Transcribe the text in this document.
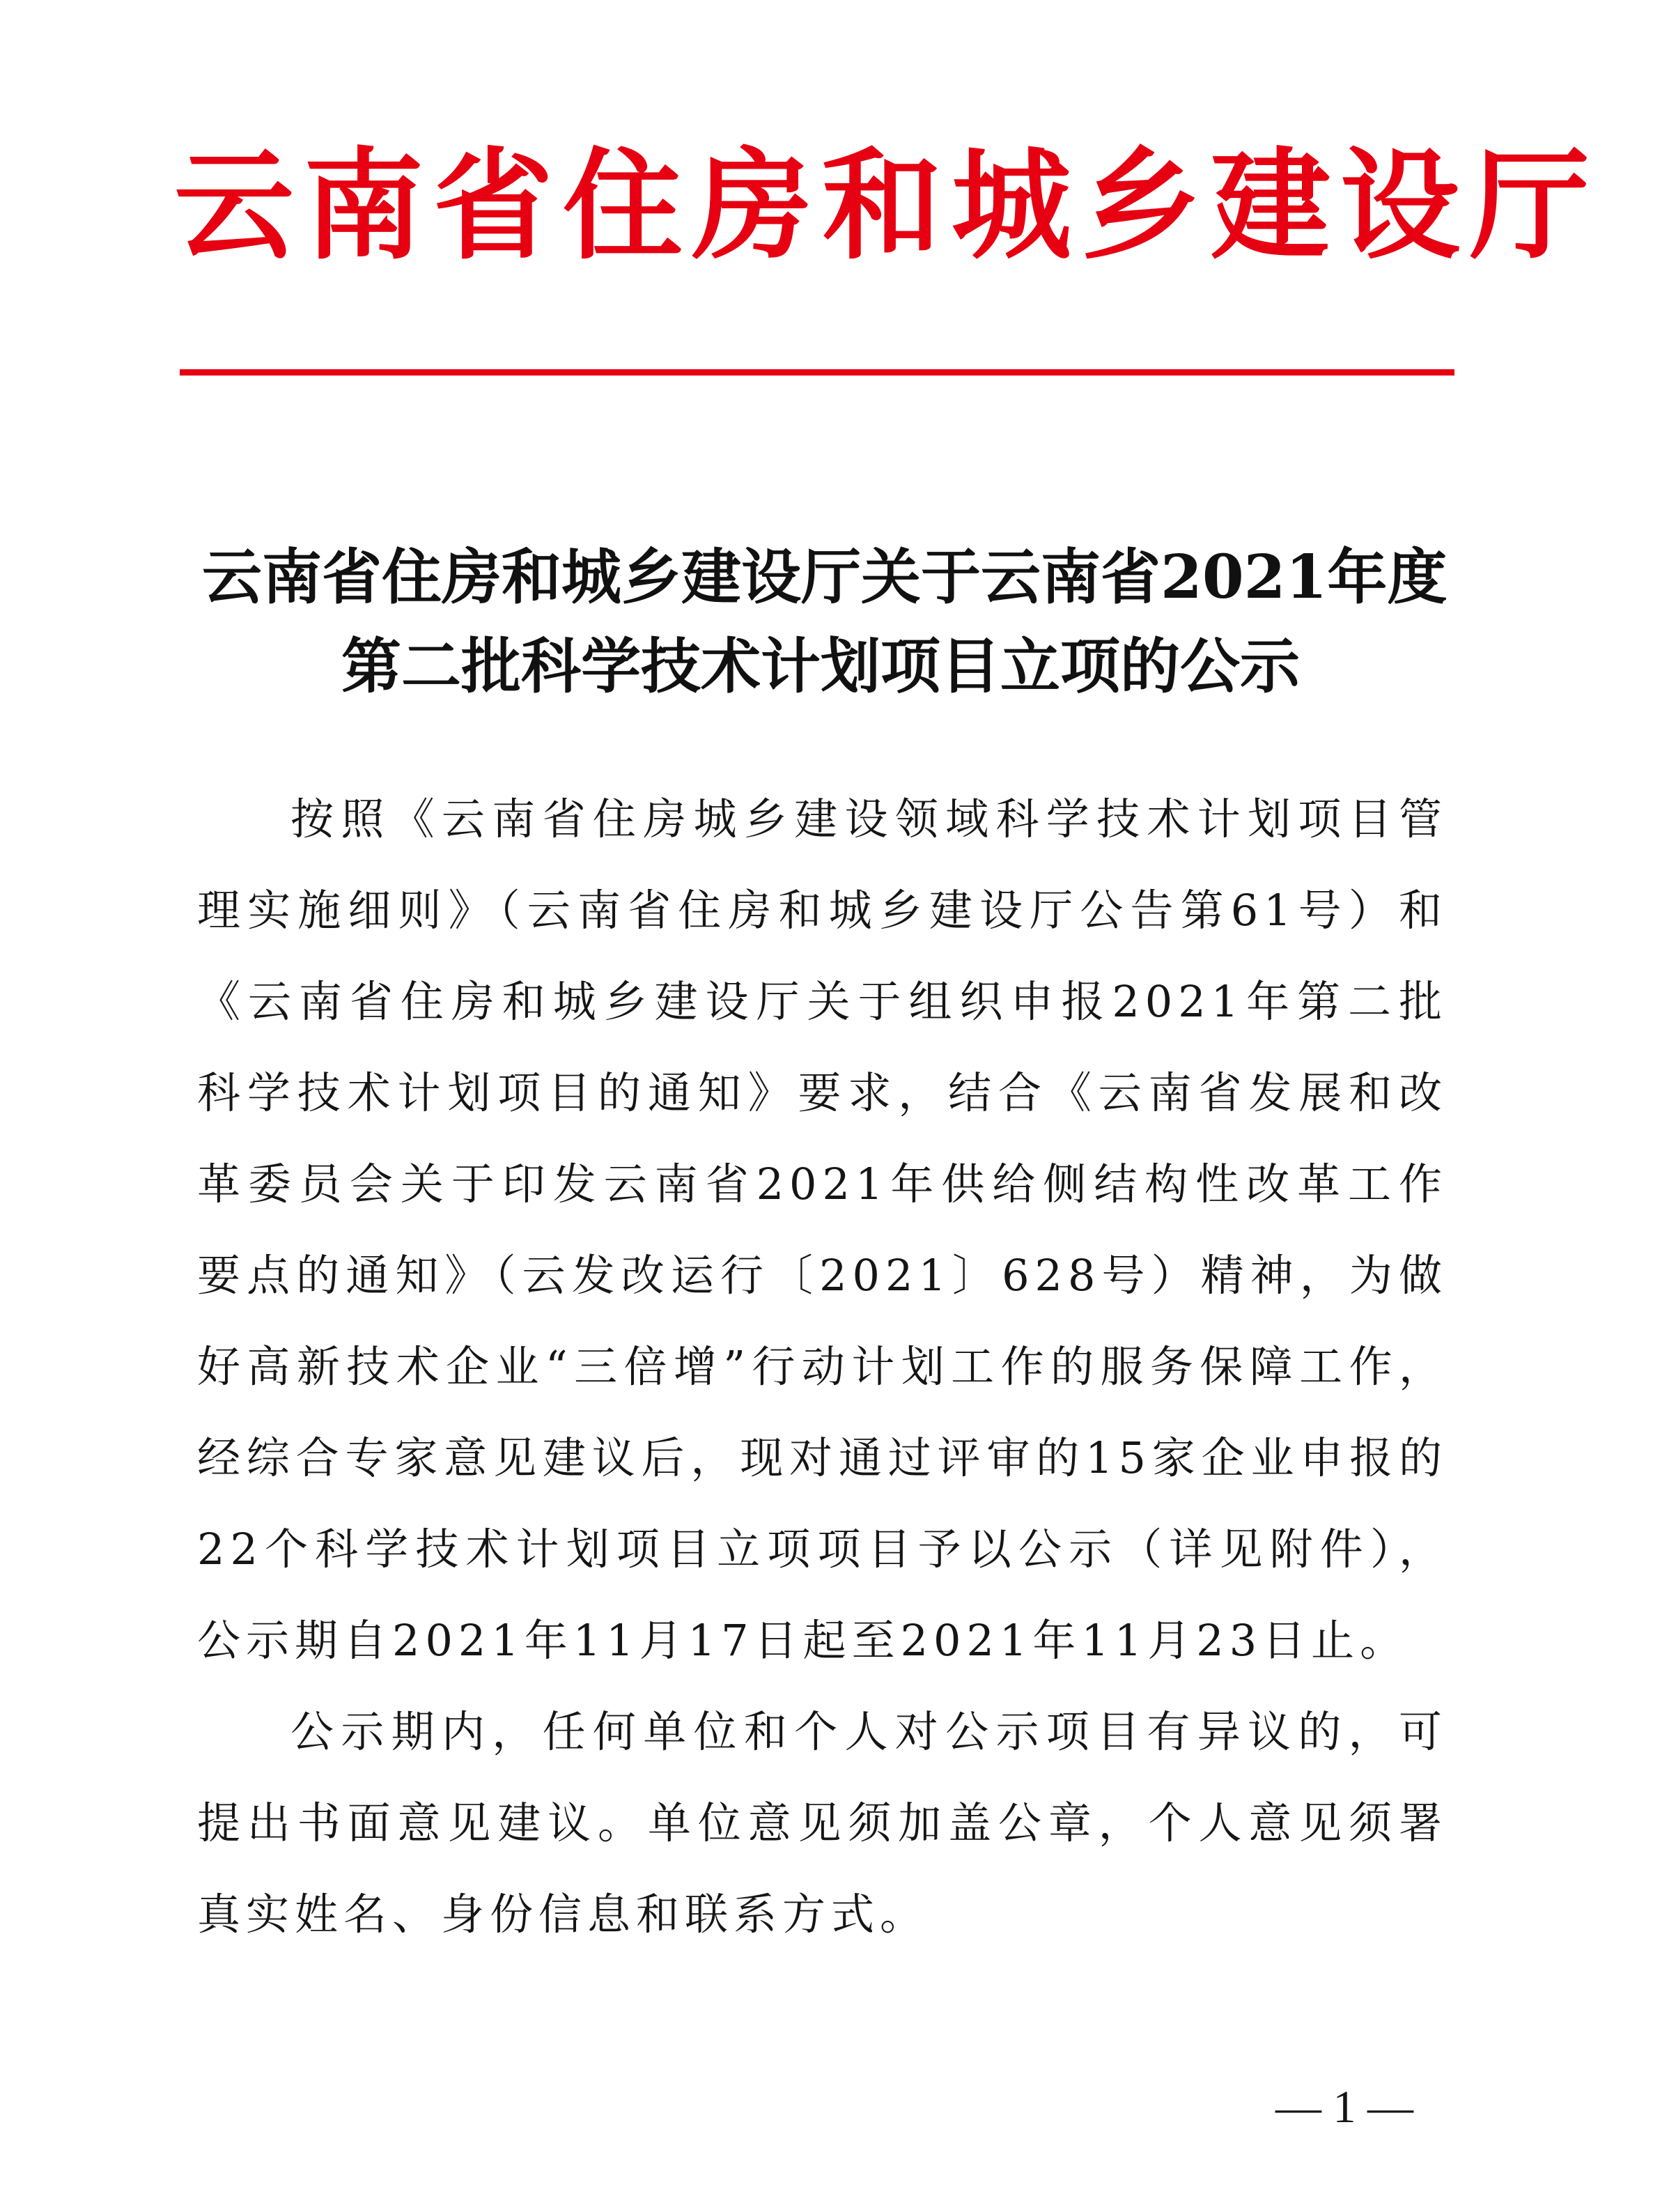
云南省住房和城乡建设厅
云南省住房和城乡建设厅关于云南省2021年度
第二批科学技术计划项目立项的公示

按照《云南省住房城乡建设领域科学技术计划项目管理实施细则》（云南省住房和城乡建设厅公告第61号）和《云南省住房和城乡建设厅关于组织申报2021年第二批科学技术计划项目的通知》要求，结合《云南省发展和改革委员会关于印发云南省2021年供给侧结构性改革工作要点的通知》（云发改运行〔2021〕628号）精神，为做好高新技术企业“三倍增”行动计划工作的服务保障工作，经综合专家意见建议后，现对通过评审的15家企业申报的22个科学技术计划项目立项项目予以公示（详见附件），公示期自2021年11月17日起至2021年11月23日止。

公示期内，任何单位和个人对公示项目有异议的，可提出书面意见建议。单位意见须加盖公章，个人意见须署真实姓名、身份信息和联系方式。

— 1 —
